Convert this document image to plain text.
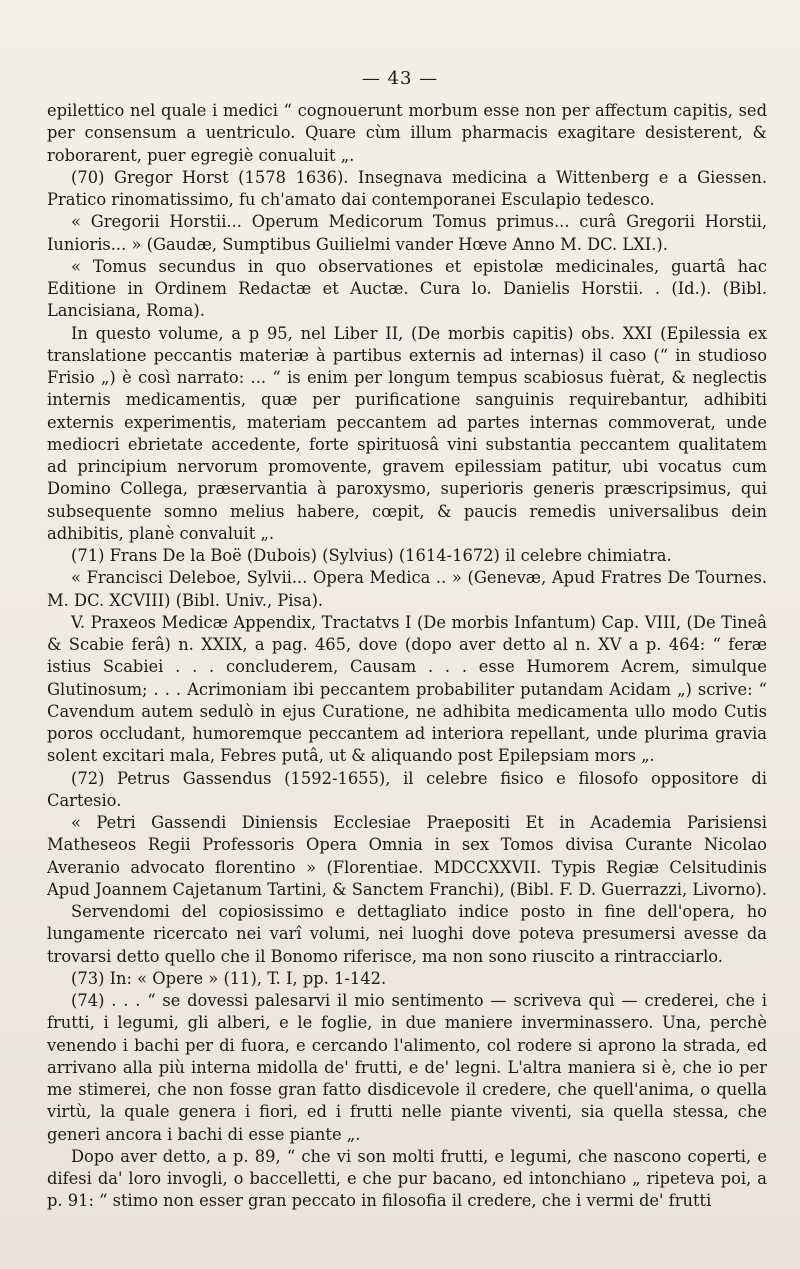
— 43 —

epilettico nel quale i medici “ cognouerunt morbum esse non per affectum capitis, sed per consensum a uentriculo. Quare cùm illum pharmacis exagitare desisterent, & roborarent, puer egregiè conualuit „.

(70) Gregor Horst (1578 1636). Insegnava medicina a Wittenberg e a Giessen. Pratico rinomatissimo, fu ch'amato dai contemporanei Esculapio tedesco.

« Gregorii Horstii... Operum Medicorum Tomus primus... curâ Gregorii Horstii, Iunioris... » (Gaudæ, Sumptibus Guilielmi vander Hœve Anno M. DC. LXI.).

« Tomus secundus in quo observationes et epistolæ medicinales, guartâ hac Editione in Ordinem Redactæ et Auctæ. Cura lo. Danielis Horstii. . (Id.). (Bibl. Lancisiana, Roma).

In questo volume, a p 95, nel Liber II, (De morbis capitis) obs. XXI (Epilessia ex translatione peccantis materiæ à partibus externis ad internas) il caso (“ in studioso Frisio „) è così narrato: ... “ is enim per longum tempus scabiosus fuèrat, & neglectis internis medicamentis, quæ per purificatione sanguinis requirebantur, adhibiti externis experimentis, materiam peccantem ad partes internas commoverat, unde mediocri ebrietate accedente, forte spirituosâ vini substantia peccantem qualitatem ad principium nervorum promovente, gravem epilessiam patitur, ubi vocatus cum Domino Collega, præservantia à paroxysmo, superioris generis præscripsimus, qui subsequente somno melius habere, cœpit, & paucis remedis universalibus dein adhibitis, planè convaluit „.

(71) Frans De la Boë (Dubois) (Sylvius) (1614-1672) il celebre chimiatra.

« Francisci Deleboe, Sylvii... Opera Medica .. » (Genevæ, Apud Fratres De Tournes. M. DC. XCVIII) (Bibl. Univ., Pisa).

V. Praxeos Medicæ Appendix, Tractatvs I (De morbis Infantum) Cap. VIII, (De Tineâ & Scabie ferâ) n. XXIX, a pag. 465, dove (dopo aver detto al n. XV a p. 464: “ feræ istius Scabiei . . . concluderem, Causam . . . esse Humorem Acrem, simulque Glutinosum; . . . Acrimoniam ibi peccantem probabiliter putandam Acidam „) scrive: “ Cavendum autem sedulò in ejus Curatione, ne adhibita medicamenta ullo modo Cutis poros occludant, humoremque peccantem ad interiora repellant, unde plurima gravia solent excitari mala, Febres putâ, ut & aliquando post Epilepsiam mors „.

(72) Petrus Gassendus (1592-1655), il celebre fisico e filosofo oppositore di Cartesio.

« Petri Gassendi Diniensis Ecclesiae Praepositi Et in Academia Parisiensi Matheseos Regii Professoris Opera Omnia in sex Tomos divisa Curante Nicolao Averanio advocato florentino » (Florentiae. MDCCXXVII. Typis Regiæ Celsitudinis Apud Joannem Cajetanum Tartini, & Sanctem Franchi), (Bibl. F. D. Guerrazzi, Livorno).

Servendomi del copiosissimo e dettagliato indice posto in fine dell'opera, ho lungamente ricercato nei varî volumi, nei luoghi dove poteva presumersi avesse da trovarsi detto quello che il Bonomo riferisce, ma non sono riuscito a rintracciarlo.

(73) In: « Opere » (11), T. I, pp. 1-142.

(74) . . . “ se dovessi palesarvi il mio sentimento — scriveva quì — crederei, che i frutti, i legumi, gli alberi, e le foglie, in due maniere inverminassero. Una, perchè venendo i bachi per di fuora, e cercando l'alimento, col rodere si aprono la strada, ed arrivano alla più interna midolla de' frutti, e de' legni. L'altra maniera si è, che io per me stimerei, che non fosse gran fatto disdicevole il credere, che quell'anima, o quella virtù, la quale genera i fiori, ed i frutti nelle piante viventi, sia quella stessa, che generi ancora i bachi di esse piante „.

Dopo aver detto, a p. 89, “ che vi son molti frutti, e legumi, che nascono coperti, e difesi da' loro invogli, o baccelletti, e che pur bacano, ed intonchiano „ ripeteva poi, a p. 91: “ stimo non esser gran peccato in filosofia il credere, che i vermi de' frutti
